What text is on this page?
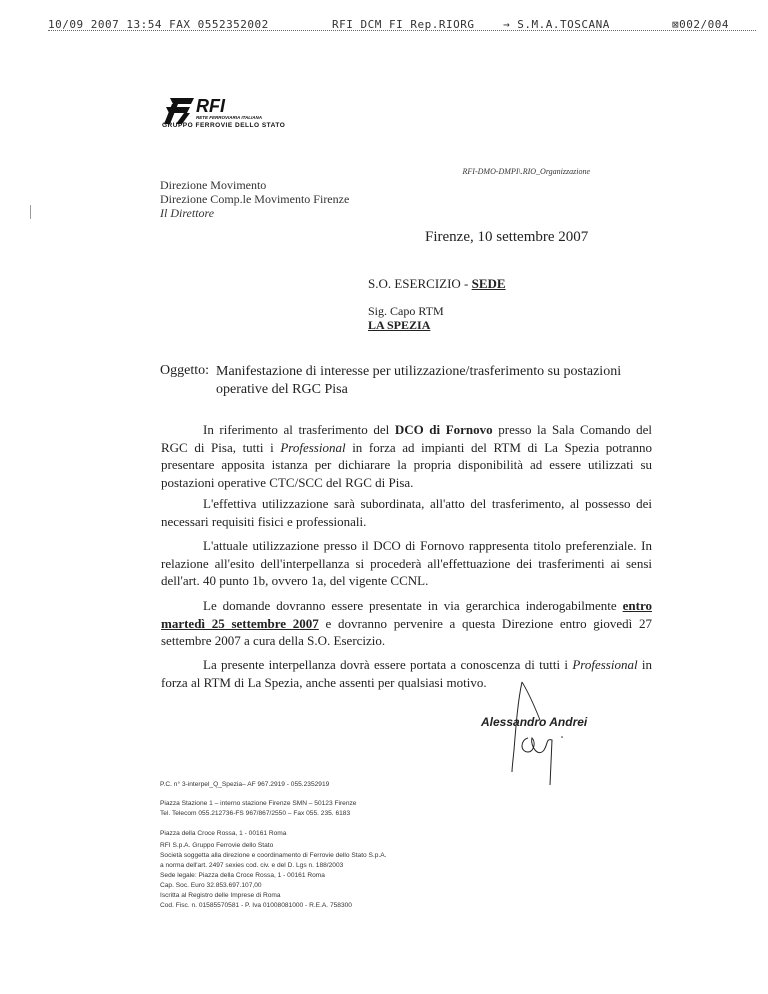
10/09 2007 13:54 FAX 0552352002	RFI DCM FI Rep.RIORG	→ S.M.A.TOSCANA	⊠002/004
RFI
RETE FERROVIARIA ITALIANA
GRUPPO FERROVIE DELLO STATO
RFI-DMO-DMPI\.RIO_Organizzazione
Direzione Movimento
Direzione Comp.le Movimento Firenze
Il Direttore
Firenze, 10 settembre 2007
S.O. ESERCIZIO - SEDE
Sig. Capo RTM
LA SPEZIA
Oggetto: Manifestazione di interesse per utilizzazione/trasferimento su postazioni operative del RGC Pisa
In riferimento al trasferimento del DCO di Fornovo presso la Sala Comando del RGC di Pisa, tutti i Professional in forza ad impianti del RTM di La Spezia potranno presentare apposita istanza per dichiarare la propria disponibilità ad essere utilizzati su postazioni operative CTC/SCC del RGC di Pisa.
L'effettiva utilizzazione sarà subordinata, all'atto del trasferimento, al possesso dei necessari requisiti fisici e professionali.
L'attuale utilizzazione presso il DCO di Fornovo rappresenta titolo preferenziale. In relazione all'esito dell'interpellanza si procederà all'effettuazione dei trasferimenti ai sensi dell'art. 40 punto 1b, ovvero 1a, del vigente CCNL.
Le domande dovranno essere presentate in via gerarchica inderogabilmente entro martedì 25 settembre 2007 e dovranno pervenire a questa Direzione entro giovedì 27 settembre 2007 a cura della S.O. Esercizio.
La presente interpellanza dovrà essere portata a conoscenza di tutti i Professional in forza al RTM di La Spezia, anche assenti per qualsiasi motivo.
Alessandro Andrei
P.C. n° 3-interpel_Q_Spezia– AF 967.2919 - 055.2352919
Piazza Stazione 1 – interno stazione Firenze SMN – 50123 Firenze
Tel. Telecom 055.212736-FS 967/867/2550 – Fax 055. 235. 6183
Piazza della Croce Rossa, 1 - 00161 Roma
RFI S.p.A. Gruppo Ferrovie dello Stato
Società soggetta alla direzione e coordinamento di Ferrovie dello Stato S.p.A.
a norma dell'art. 2497 sexies cod. civ. e del D. Lgs n. 188/2003
Sede legale: Piazza della Croce Rossa, 1 - 00161 Roma
Cap. Soc. Euro 32.853.697.107,00
Iscritta al Registro delle Imprese di Roma
Cod. Fisc. n. 01585570581 - P. Iva 01008081000 - R.E.A. 758300
